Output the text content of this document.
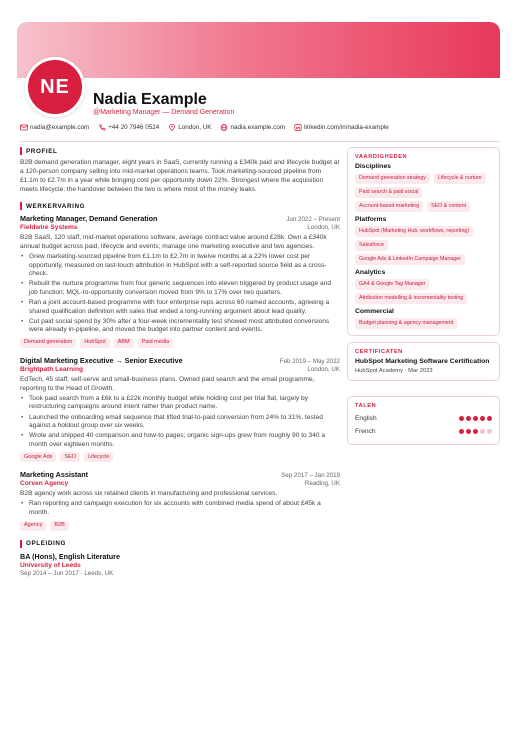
NE
Nadia Example
@Marketing Manager — Demand Generation
nadia@example.com	+44 20 7946 0524	London, UK	nadia.example.com	linkedin.com/in/nadia-example
PROFIEL

B2B demand generation manager, eight years in SaaS, currently running a £340k paid and lifecycle budget at a 120-person company selling into mid-market operations teams. Took marketing-sourced pipeline from £1.1m to £2.7m in a year while bringing cost per opportunity down 22%. Strongest where the acquisition meets lifecycle: the handover between the two is where most of the money leaks.

WERKERVARING
Marketing Manager, Demand Generation	Jun 2022 – Present
Fieldwire Systems	London, UK

B2B SaaS, 120 staff, mid-market operations software, average contract value around £28k. Own a £340k annual budget across paid, lifecycle and events; manage one marketing executive and two agencies.

• Grew marketing-sourced pipeline from £1.1m to £2.7m in twelve months at a 22% lower cost per opportunity, measured on last-touch attribution in HubSpot with a self-reported source field as a cross-check.
• Rebuilt the nurture programme from four generic sequences into eleven triggered by product usage and job function; MQL-to-opportunity conversion moved from 9% to 17% over two quarters.
• Ran a joint account-based programme with four enterprise reps across 60 named accounts, agreeing a shared qualification definition with sales that ended a long-running argument about lead quality.
• Cut paid social spend by 30% after a four-week incrementality test showed most attributed conversions were already in-pipeline, and moved the budget into partner content and events.
Demand generation	HubSpot	ABM	Paid media
Digital Marketing Executive → Senior Executive	Feb 2019 – May 2022
Brightpath Learning	London, UK

EdTech, 45 staff, self-serve and small-business plans. Owned paid search and the email programme, reporting to the Head of Growth.

• Took paid search from a £6k to a £22k monthly budget while holding cost per trial flat, largely by restructuring campaigns around intent rather than product name.
• Launched the onboarding email sequence that lifted trial-to-paid conversion from 24% to 31%, tested against a holdout group over six weeks.
• Wrote and shipped 40 comparison and how-to pages; organic sign-ups grew from roughly 90 to 340 a month over eighteen months.
Google Ads	SEO	Lifecycle
Marketing Assistant	Sep 2017 – Jan 2019
Corven Agency	Reading, UK

B2B agency work across six retained clients in manufacturing and professional services.

• Ran reporting and campaign execution for six accounts with combined media spend of about £45k a month.
Agency	B2B
OPLEIDING
BA (Hons), English Literature
University of Leeds
Sep 2014 – Jun 2017 · Leeds, UK
VAARDIGHEDEN
Disciplines
Demand generation strategy	Lifecycle & nurture
Paid search & paid social
Account-based marketing	SEO & content
Platforms
HubSpot (Marketing Hub, workflows, reporting)
Salesforce
Google Ads & LinkedIn Campaign Manager
Analytics
GA4 & Google Tag Manager
Attribution modelling & incrementality testing
Commercial
Budget planning & agency management
CERTIFICATEN
HubSpot Marketing Software Certification
HubSpot Academy · Mar 2023
TALEN
English
French
